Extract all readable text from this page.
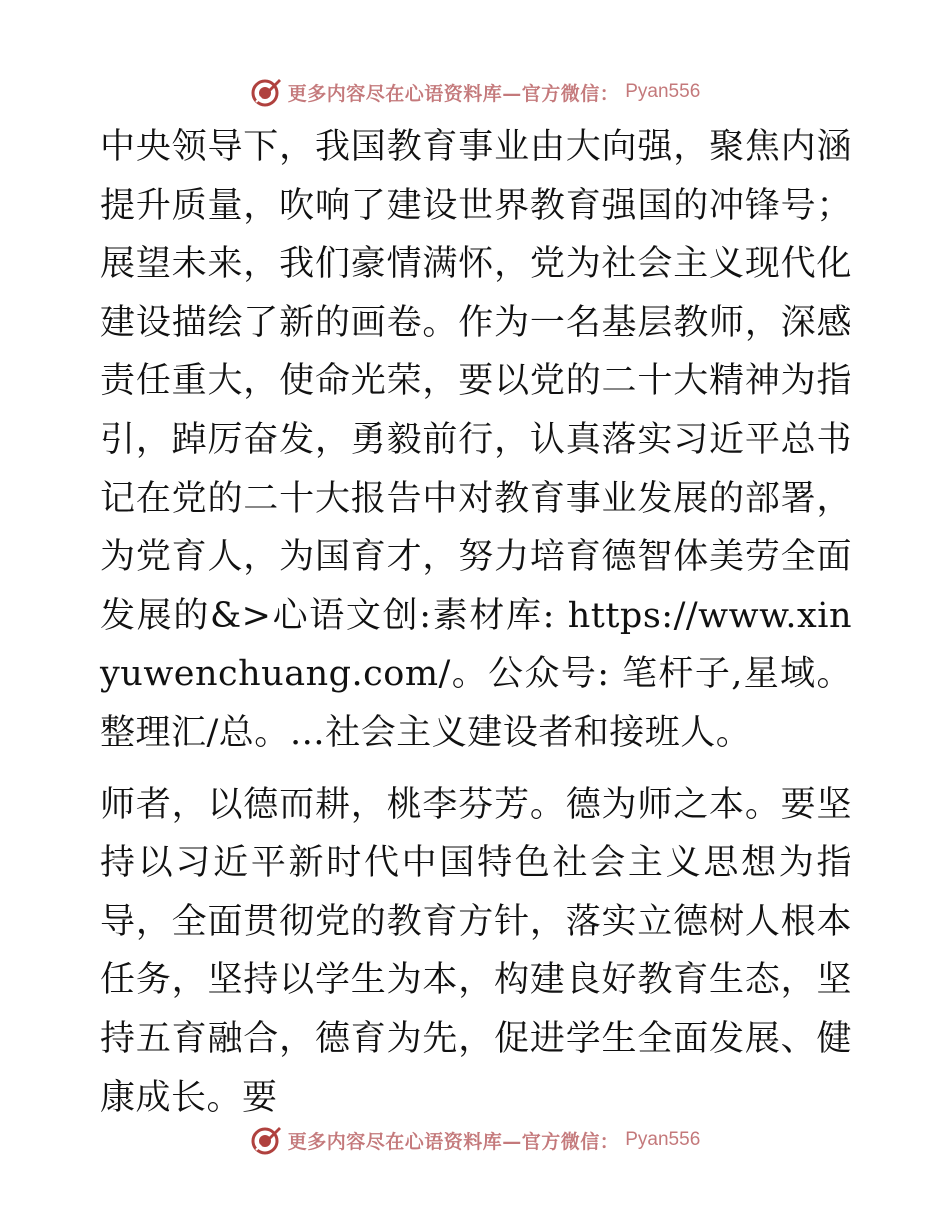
更多内容尽在心语资料库—官方微信： Pyan556

中央领导下，我国教育事业由大向强，聚焦内涵提升质量，吹响了建设世界教育强国的冲锋号；展望未来，我们豪情满怀，党为社会主义现代化建设描绘了新的画卷。作为一名基层教师，深感责任重大，使命光荣，要以党的二十大精神为指引，踔厉奋发，勇毅前行，认真落实习近平总书记在党的二十大报告中对教育事业发展的部署，为党育人，为国育才，努力培育德智体美劳全面发展的&>心语文创:素材库: https://www.xinyuwenchuang.com/。公众号: 笔杆子,星域。整理汇/总。…社会主义建设者和接班人。

师者，以德而耕，桃李芬芳。德为师之本。要坚持以习近平新时代中国特色社会主义思想为指导，全面贯彻党的教育方针，落实立德树人根本任务，坚持以学生为本，构建良好教育生态，坚持五育融合，德育为先，促进学生全面发展、健康成长。要

更多内容尽在心语资料库—官方微信： Pyan556
